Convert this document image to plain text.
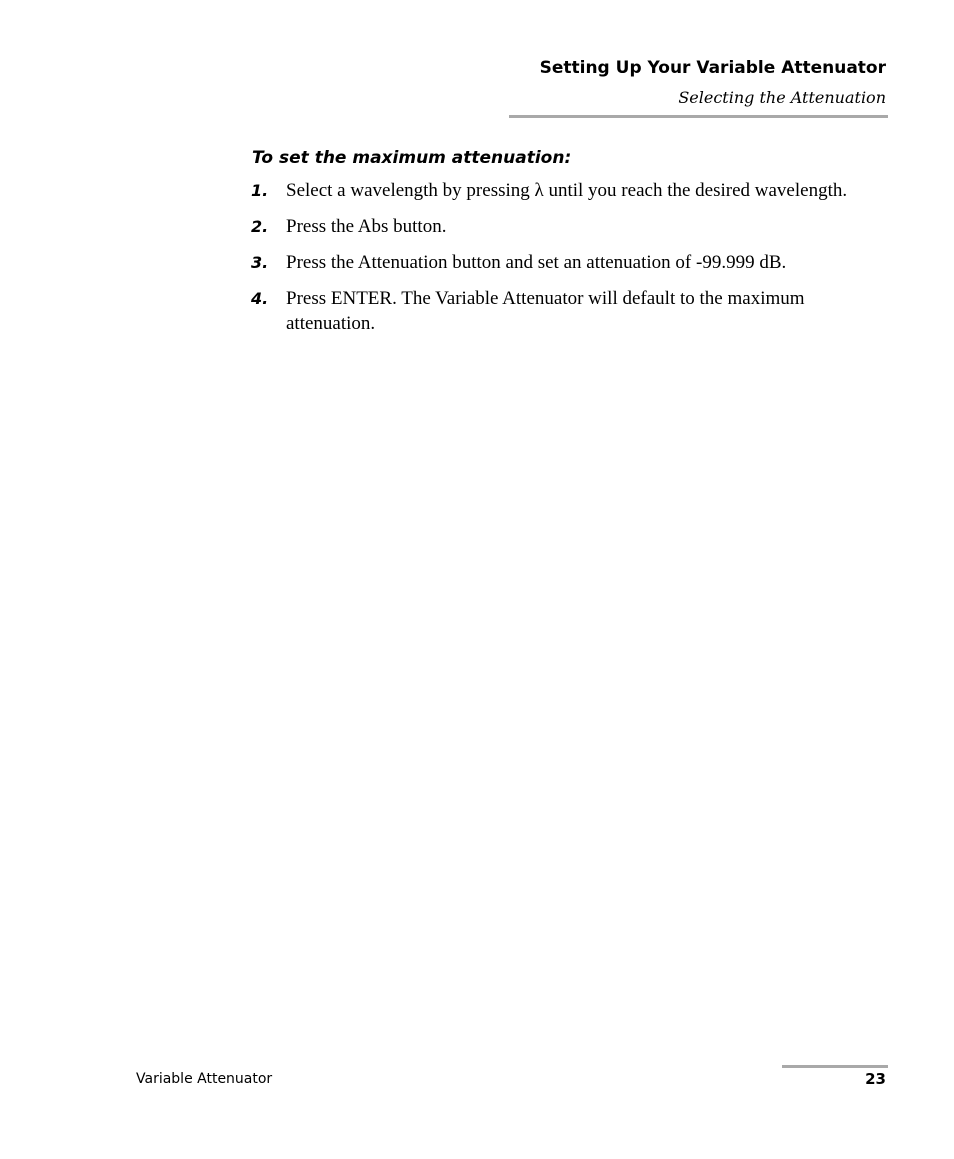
Setting Up Your Variable Attenuator
Selecting the Attenuation
To set the maximum attenuation:
1. Select a wavelength by pressing λ until you reach the desired wavelength.
2. Press the Abs button.
3. Press the Attenuation button and set an attenuation of -99.999 dB.
4. Press ENTER. The Variable Attenuator will default to the maximum attenuation.
Variable Attenuator	23
